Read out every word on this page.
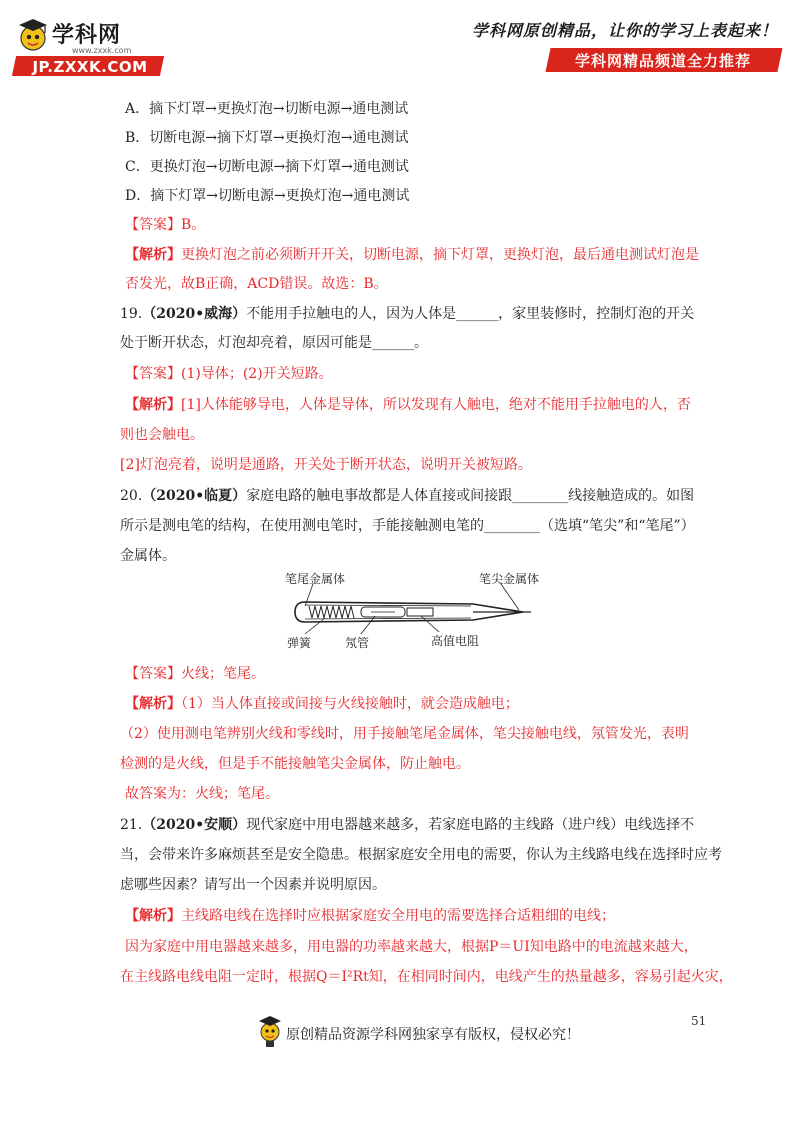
学科网
www.zxxk.com
JP.ZXXK.COM
学科网原创精品，让你的学习上表起来！
学科网精品频道全力推荐
A．摘下灯罩→更换灯泡→切断电源→通电测试
B．切断电源→摘下灯罩→更换灯泡→通电测试
C．更换灯泡→切断电源→摘下灯罩→通电测试
D．摘下灯罩→切断电源→更换灯泡→通电测试
【答案】B。
【解析】更换灯泡之前必须断开开关，切断电源，摘下灯罩，更换灯泡，最后通电测试灯泡是
否发光，故B正确，ACD错误。故选：B。
19.（2020•威海）不能用手拉触电的人，因为人体是______，家里装修时，控制灯泡的开关
处于断开状态，灯泡却亮着，原因可能是______。
【答案】(1)导体；(2)开关短路。
【解析】[1]人体能够导电，人体是导体，所以发现有人触电，绝对不能用手拉触电的人，否
则也会触电。
[2]灯泡亮着，说明是通路，开关处于断开状态，说明开关被短路。
20.（2020•临夏）家庭电路的触电事故都是人体直接或间接跟________线接触造成的。如图
所示是测电笔的结构，在使用测电笔时，手能接触测电笔的________（选填“笔尖”和“笔尾”）
金属体。
笔尾金属体	笔尖金属体
弹簧	氖管	高值电阻
【答案】火线；笔尾。
【解析】（1）当人体直接或间接与火线接触时，就会造成触电；
（2）使用测电笔辨别火线和零线时，用手接触笔尾金属体，笔尖接触电线，氖管发光，表明
检测的是火线，但是手不能接触笔尖金属体，防止触电。
故答案为：火线；笔尾。
21.（2020•安顺）现代家庭中用电器越来越多，若家庭电路的主线路（进户线）电线选择不
当，会带来许多麻烦甚至是安全隐患。根据家庭安全用电的需要，你认为主线路电线在选择时应考
虑哪些因素？请写出一个因素并说明原因。
【解析】主线路电线在选择时应根据家庭安全用电的需要选择合适粗细的电线；
因为家庭中用电器越来越多，用电器的功率越来越大，根据P＝UI知电路中的电流越来越大，
在主线路电线电阻一定时，根据Q＝I²Rt知，在相同时间内，电线产生的热量越多，容易引起火灾，
51
原创精品资源学科网独家享有版权，侵权必究！
